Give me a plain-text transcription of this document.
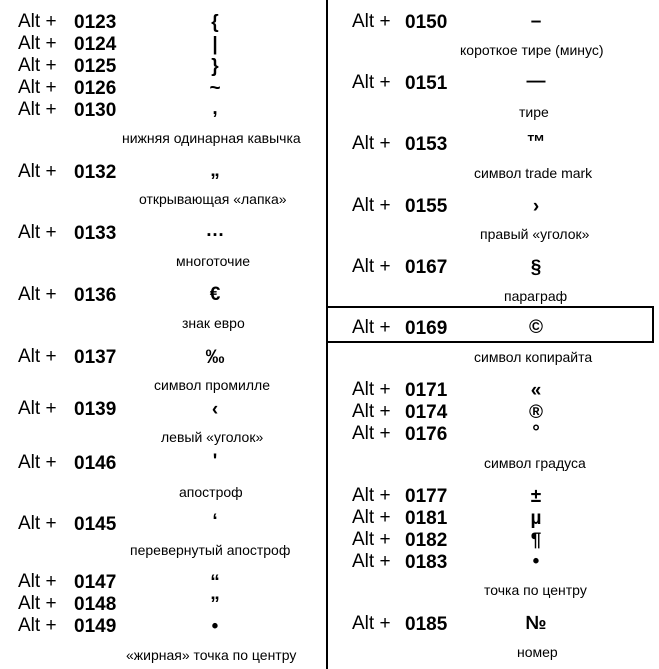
Alt + 0123	{
Alt + 0124	|
Alt + 0125	}
Alt + 0126	~
Alt + 0130	,
нижняя одинарная кавычка
Alt + 0132	„
открывающая «лапка»
Alt + 0133	…
многоточие
Alt + 0136	€
знак евро
Alt + 0137	‰
символ промилле
Alt + 0139	‹
левый «уголок»
Alt + 0146	'
апостроф
Alt + 0145	‘
перевернутый апостроф
Alt + 0147	“
Alt + 0148	”
Alt + 0149	•
«жирная» точка по центру
Alt + 0150	–
короткое тире (минус)
Alt + 0151	—
тире
Alt + 0153	™
символ trade mark
Alt + 0155	›
правый «уголок»
Alt + 0167	§
параграф
Alt + 0169	©
символ копирайта
Alt + 0171	«
Alt + 0174	®
Alt + 0176	°
символ градуса
Alt + 0177	±
Alt + 0181	µ
Alt + 0182	¶
Alt + 0183	•
точка по центру
Alt + 0185	№
номер
